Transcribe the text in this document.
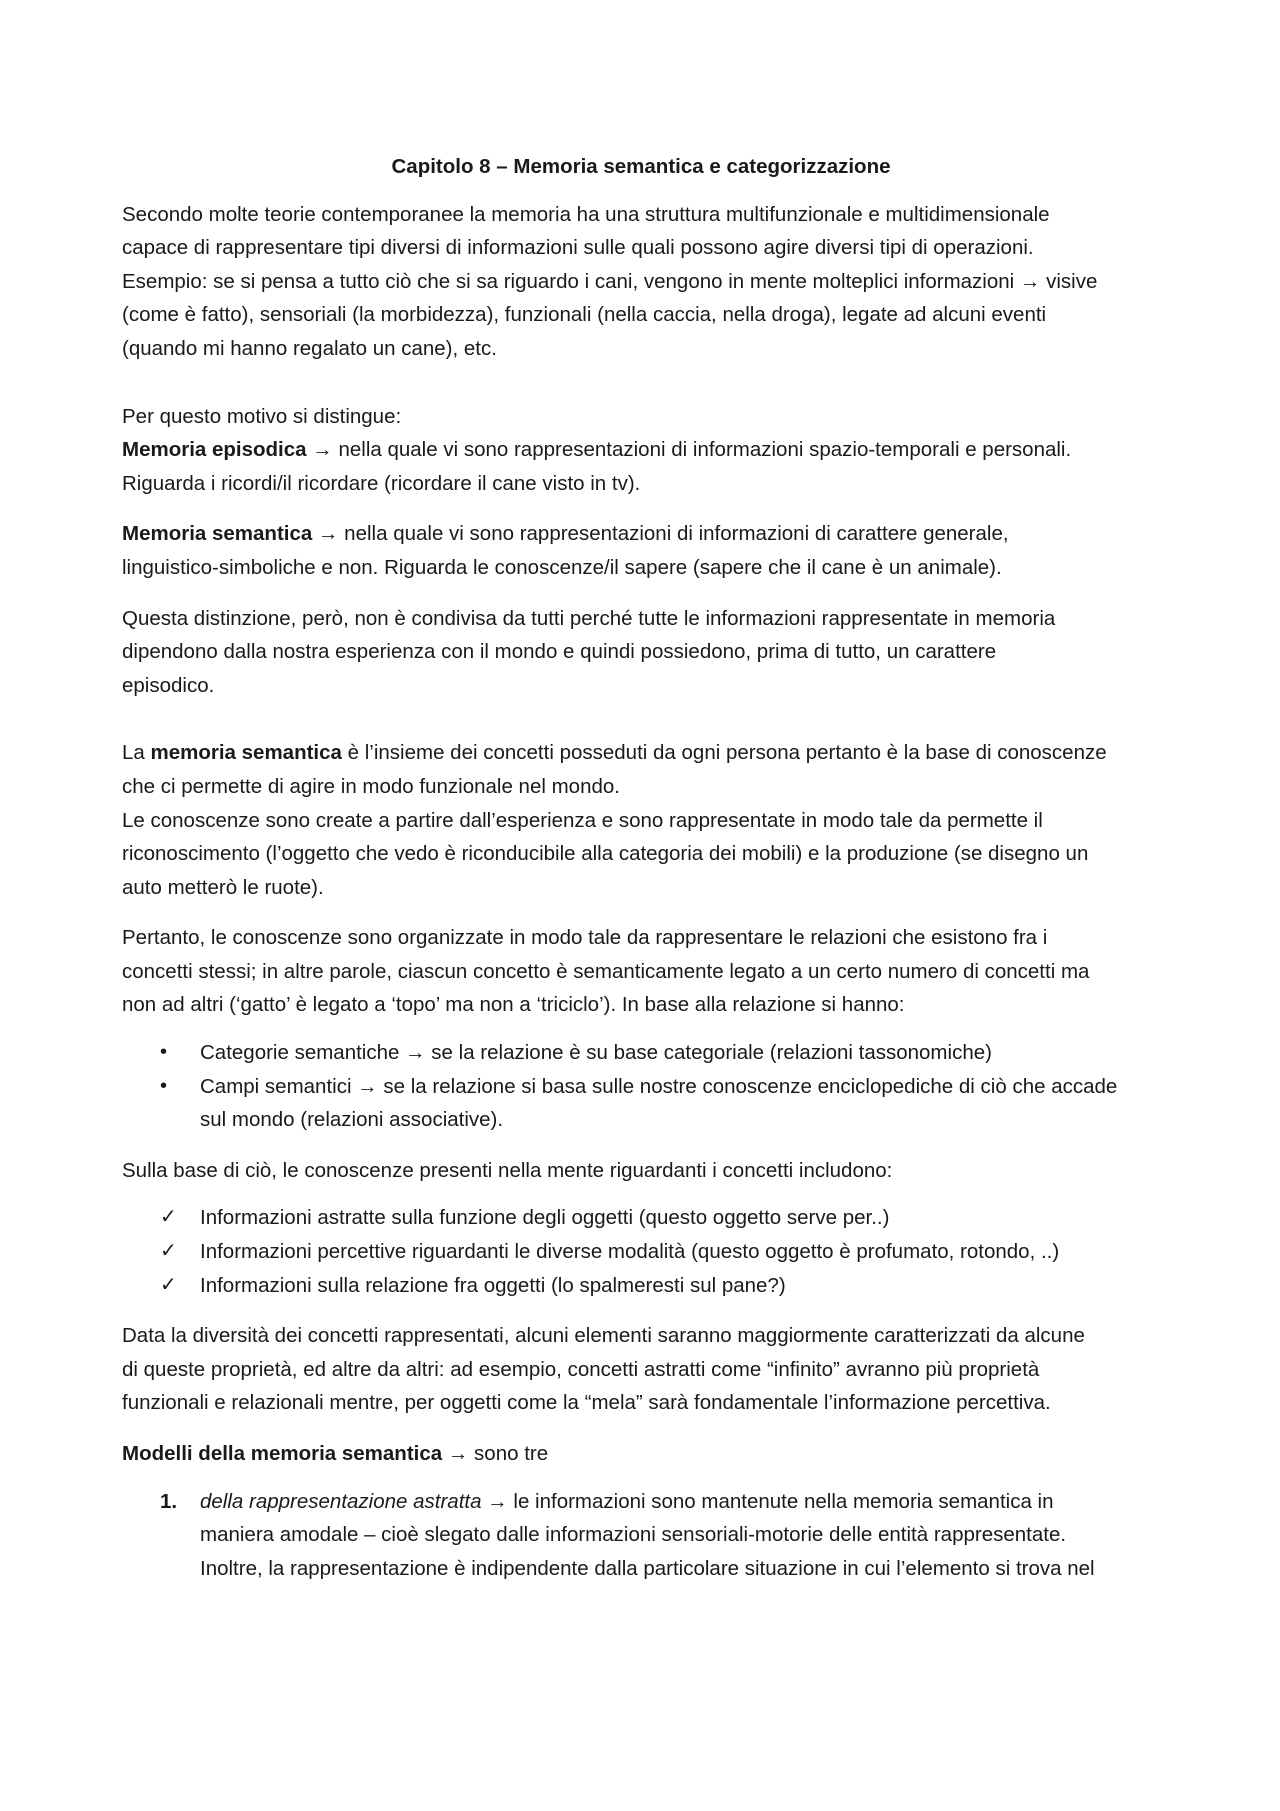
Capitolo 8 – Memoria semantica e categorizzazione

Secondo molte teorie contemporanee la memoria ha una struttura multifunzionale e multidimensionale

capace di rappresentare tipi diversi di informazioni sulle quali possono agire diversi tipi di operazioni.

Esempio: se si pensa a tutto ciò che si sa riguardo i cani, vengono in mente molteplici informazioni → visive

(come è fatto), sensoriali (la morbidezza), funzionali (nella caccia, nella droga), legate ad alcuni eventi

(quando mi hanno regalato un cane), etc.

Per questo motivo si distingue:

Memoria episodica → nella quale vi sono rappresentazioni di informazioni spazio-temporali e personali.

Riguarda i ricordi/il ricordare (ricordare il cane visto in tv).

Memoria semantica → nella quale vi sono rappresentazioni di informazioni di carattere generale,

linguistico-simboliche e non. Riguarda le conoscenze/il sapere (sapere che il cane è un animale).

Questa distinzione, però, non è condivisa da tutti perché tutte le informazioni rappresentate in memoria

dipendono dalla nostra esperienza con il mondo e quindi possiedono, prima di tutto, un carattere

episodico.

La memoria semantica è l’insieme dei concetti posseduti da ogni persona pertanto è la base di conoscenze

che ci permette di agire in modo funzionale nel mondo.

Le conoscenze sono create a partire dall’esperienza e sono rappresentate in modo tale da permette il

riconoscimento (l’oggetto che vedo è riconducibile alla categoria dei mobili) e la produzione (se disegno un

auto metterò le ruote).

Pertanto, le conoscenze sono organizzate in modo tale da rappresentare le relazioni che esistono fra i

concetti stessi; in altre parole, ciascun concetto è semanticamente legato a un certo numero di concetti ma

non ad altri (‘gatto’ è legato a ‘topo’ ma non a ‘triciclo’). In base alla relazione si hanno:

•	Categorie semantiche → se la relazione è su base categoriale (relazioni tassonomiche)
•	Campi semantici → se la relazione si basa sulle nostre conoscenze enciclopediche di ciò che accade
sul mondo (relazioni associative).

Sulla base di ciò, le conoscenze presenti nella mente riguardanti i concetti includono:

✓	Informazioni astratte sulla funzione degli oggetti (questo oggetto serve per..)
✓	Informazioni percettive riguardanti le diverse modalità (questo oggetto è profumato, rotondo, ..)
✓	Informazioni sulla relazione fra oggetti (lo spalmeresti sul pane?)

Data la diversità dei concetti rappresentati, alcuni elementi saranno maggiormente caratterizzati da alcune

di queste proprietà, ed altre da altri: ad esempio, concetti astratti come “infinito” avranno più proprietà

funzionali e relazionali mentre, per oggetti come la “mela” sarà fondamentale l’informazione percettiva.

Modelli della memoria semantica → sono tre

1.	della rappresentazione astratta → le informazioni sono mantenute nella memoria semantica in
maniera amodale – cioè slegato dalle informazioni sensoriali-motorie delle entità rappresentate.
Inoltre, la rappresentazione è indipendente dalla particolare situazione in cui l’elemento si trova nel
